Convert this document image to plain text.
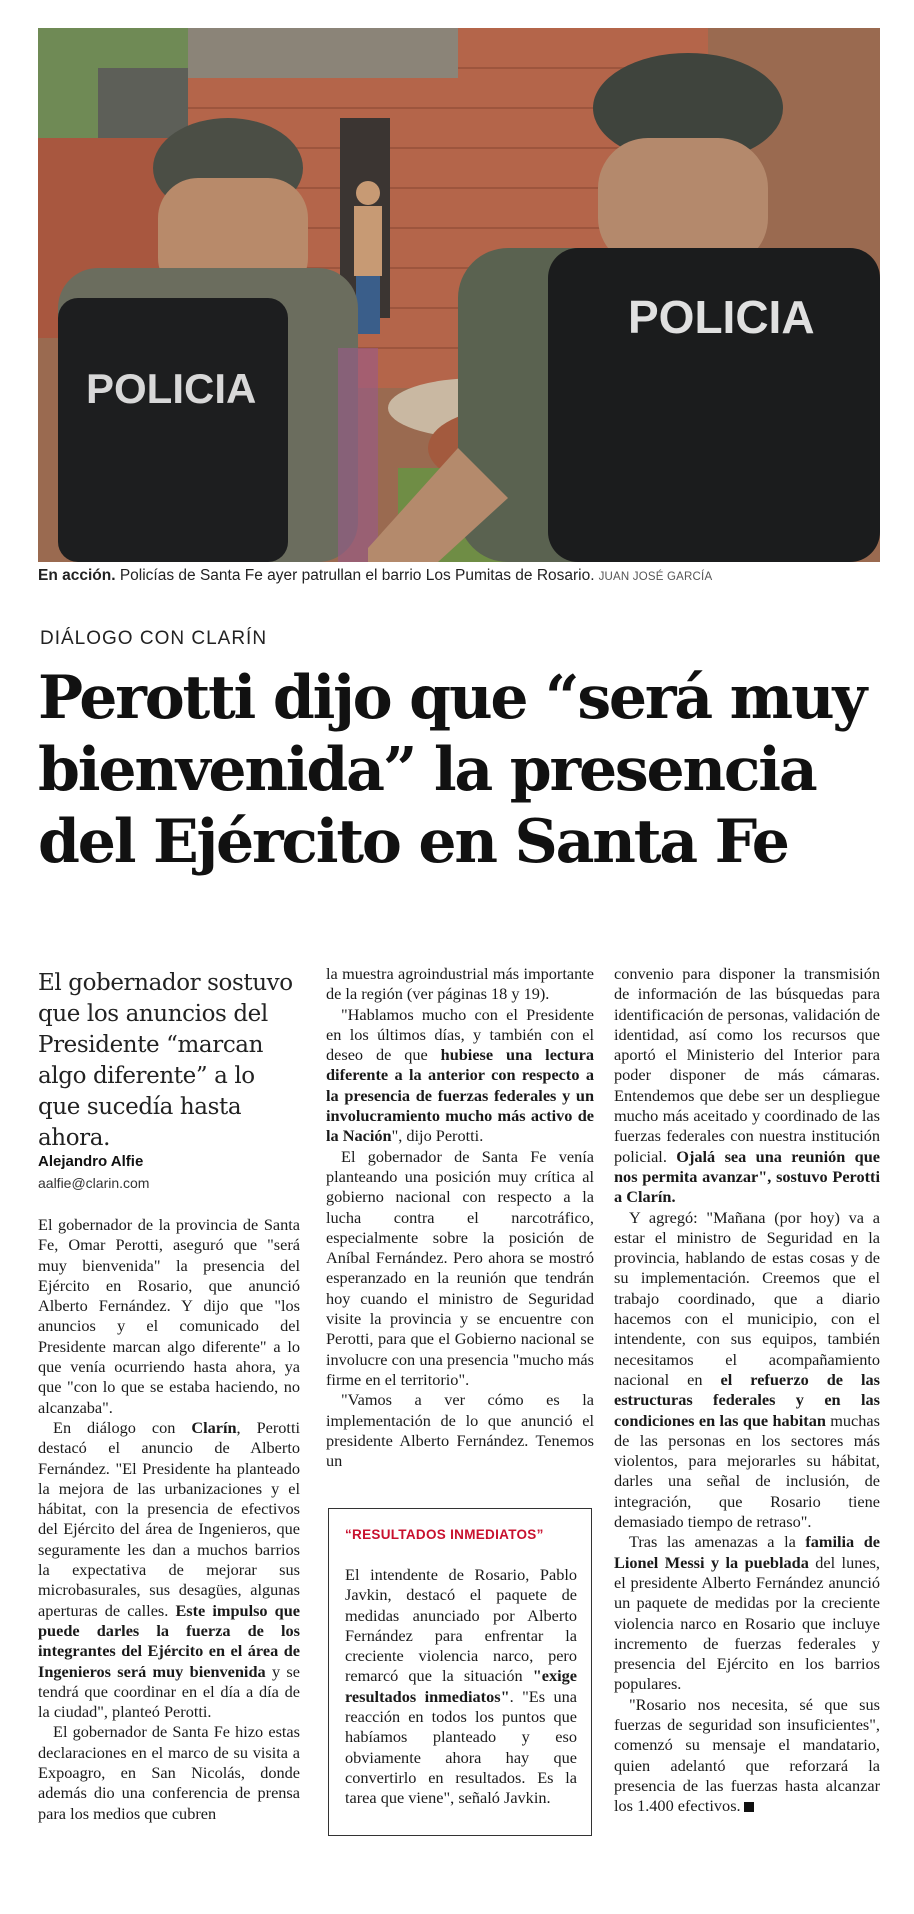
POLICIA
POLICIA
En acción. Policías de Santa Fe ayer patrullan el barrio Los Pumitas de Rosario. JUAN JOSÉ GARCÍA
DIÁLOGO CON CLARÍN
Perotti dijo que “será muy bienvenida” la presencia del Ejército en Santa Fe

El gobernador sostuvo que los anuncios del Presidente “marcan algo diferente” a lo que sucedía hasta ahora.

Alejandro Alfie
aalfie@clarin.com

El gobernador de la provincia de Santa Fe, Omar Perotti, aseguró que "será muy bienvenida" la presencia del Ejército en Rosario, que anunció Alberto Fernández. Y dijo que "los anuncios y el comunicado del Presidente marcan algo diferente" a lo que venía ocurriendo hasta ahora, ya que "con lo que se estaba haciendo, no alcanzaba".

En diálogo con Clarín, Perotti destacó el anuncio de Alberto Fernández. "El Presidente ha planteado la mejora de las urbanizaciones y el hábitat, con la presencia de efectivos del Ejército del área de Ingenieros, que seguramente les dan a muchos barrios la expectativa de mejorar sus microbasurales, sus desagües, algunas aperturas de calles. Este impulso que puede darles la fuerza de los integrantes del Ejército en el área de Ingenieros será muy bienvenida y se tendrá que coordinar en el día a día de la ciudad", planteó Perotti.

El gobernador de Santa Fe hizo estas declaraciones en el marco de su visita a Expoagro, en San Nicolás, donde además dio una conferencia de prensa para los medios que cubren

la muestra agroindustrial más importante de la región (ver páginas 18 y 19).

"Hablamos mucho con el Presidente en los últimos días, y también con el deseo de que hubiese una lectura diferente a la anterior con respecto a la presencia de fuerzas federales y un involucramiento mucho más activo de la Nación", dijo Perotti.

El gobernador de Santa Fe venía planteando una posición muy crítica al gobierno nacional con respecto a la lucha contra el narcotráfico, especialmente sobre la posición de Aníbal Fernández. Pero ahora se mostró esperanzado en la reunión que tendrán hoy cuando el ministro de Seguridad visite la provincia y se encuentre con Perotti, para que el Gobierno nacional se involucre con una presencia "mucho más firme en el territorio".

"Vamos a ver cómo es la implementación de lo que anunció el presidente Alberto Fernández. Tenemos un

“RESULTADOS INMEDIATOS”

El intendente de Rosario, Pablo Javkin, destacó el paquete de medidas anunciado por Alberto Fernández para enfrentar la creciente violencia narco, pero remarcó que la situación "exige resultados inmediatos". "Es una reacción en todos los puntos que habíamos planteado y eso obviamente ahora hay que convertirlo en resultados. Es la tarea que viene", señaló Javkin.

convenio para disponer la transmisión de información de las búsquedas para identificación de personas, validación de identidad, así como los recursos que aportó el Ministerio del Interior para poder disponer de más cámaras. Entendemos que debe ser un despliegue mucho más aceitado y coordinado de las fuerzas federales con nuestra institución policial. Ojalá sea una reunión que nos permita avanzar", sostuvo Perotti a Clarín.

Y agregó: "Mañana (por hoy) va a estar el ministro de Seguridad en la provincia, hablando de estas cosas y de su implementación. Creemos que el trabajo coordinado, que a diario hacemos con el municipio, con el intendente, con sus equipos, también necesitamos el acompañamiento nacional en el refuerzo de las estructuras federales y en las condiciones en las que habitan muchas de las personas en los sectores más violentos, para mejorarles su hábitat, darles una señal de inclusión, de integración, que Rosario tiene demasiado tiempo de retraso".

Tras las amenazas a la familia de Lionel Messi y la pueblada del lunes, el presidente Alberto Fernández anunció un paquete de medidas por la creciente violencia narco en Rosario que incluye incremento de fuerzas federales y presencia del Ejército en los barrios populares.

"Rosario nos necesita, sé que sus fuerzas de seguridad son insuficientes", comenzó su mensaje el mandatario, quien adelantó que reforzará la presencia de las fuerzas hasta alcanzar los 1.400 efectivos.
